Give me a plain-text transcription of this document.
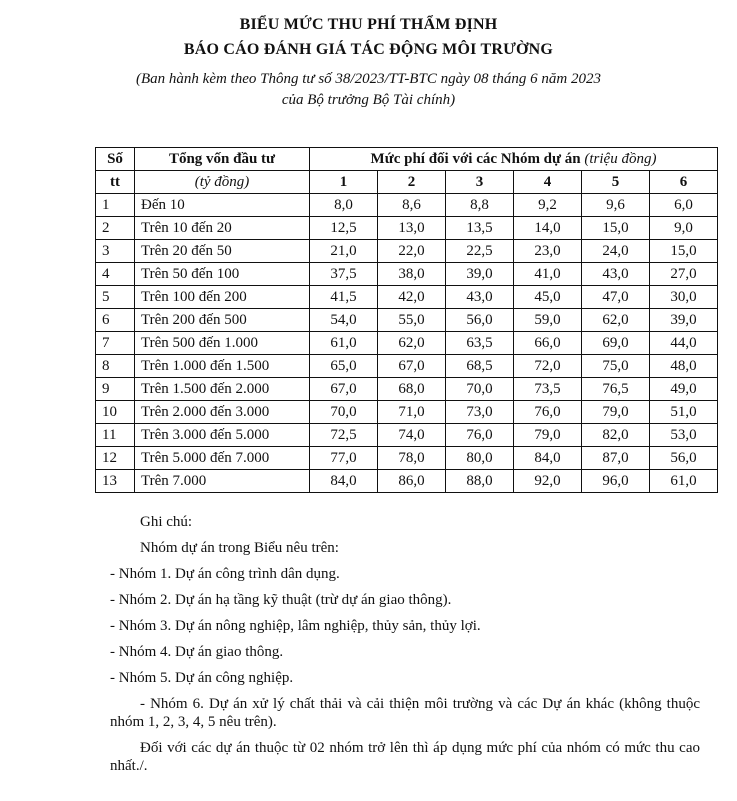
BIỂU MỨC THU PHÍ THẨM ĐỊNH
BÁO CÁO ĐÁNH GIÁ TÁC ĐỘNG MÔI TRƯỜNG
(Ban hành kèm theo Thông tư số 38/2023/TT-BTC ngày 08 tháng 6 năm 2023
của Bộ trưởng Bộ Tài chính)
Số	Tổng vốn đầu tư	Mức phí đối với các Nhóm dự án (triệu đồng)					
tt	(tỷ đồng)	1	2	3	4	5	6
1	Đến 10	8,0	8,6	8,8	9,2	9,6	6,0
2	Trên 10 đến 20	12,5	13,0	13,5	14,0	15,0	9,0
3	Trên 20 đến 50	21,0	22,0	22,5	23,0	24,0	15,0
4	Trên 50 đến 100	37,5	38,0	39,0	41,0	43,0	27,0
5	Trên 100 đến 200	41,5	42,0	43,0	45,0	47,0	30,0
6	Trên 200 đến 500	54,0	55,0	56,0	59,0	62,0	39,0
7	Trên 500 đến 1.000	61,0	62,0	63,5	66,0	69,0	44,0
8	Trên 1.000 đến 1.500	65,0	67,0	68,5	72,0	75,0	48,0
9	Trên 1.500 đến 2.000	67,0	68,0	70,0	73,5	76,5	49,0
10	Trên 2.000 đến 3.000	70,0	71,0	73,0	76,0	79,0	51,0
11	Trên 3.000 đến 5.000	72,5	74,0	76,0	79,0	82,0	53,0
12	Trên 5.000 đến 7.000	77,0	78,0	80,0	84,0	87,0	56,0
13	Trên 7.000	84,0	86,0	88,0	92,0	96,0	61,0

Ghi chú:

Nhóm dự án trong Biểu nêu trên:

- Nhóm 1. Dự án công trình dân dụng.

- Nhóm 2. Dự án hạ tầng kỹ thuật (trừ dự án giao thông).

- Nhóm 3. Dự án nông nghiệp, lâm nghiệp, thủy sản, thủy lợi.

- Nhóm 4. Dự án giao thông.

- Nhóm 5. Dự án công nghiệp.

- Nhóm 6. Dự án xử lý chất thải và cải thiện môi trường và các Dự án khác (không thuộc nhóm 1, 2, 3, 4, 5 nêu trên).

Đối với các dự án thuộc từ 02 nhóm trở lên thì áp dụng mức phí của nhóm có mức thu cao nhất./.
